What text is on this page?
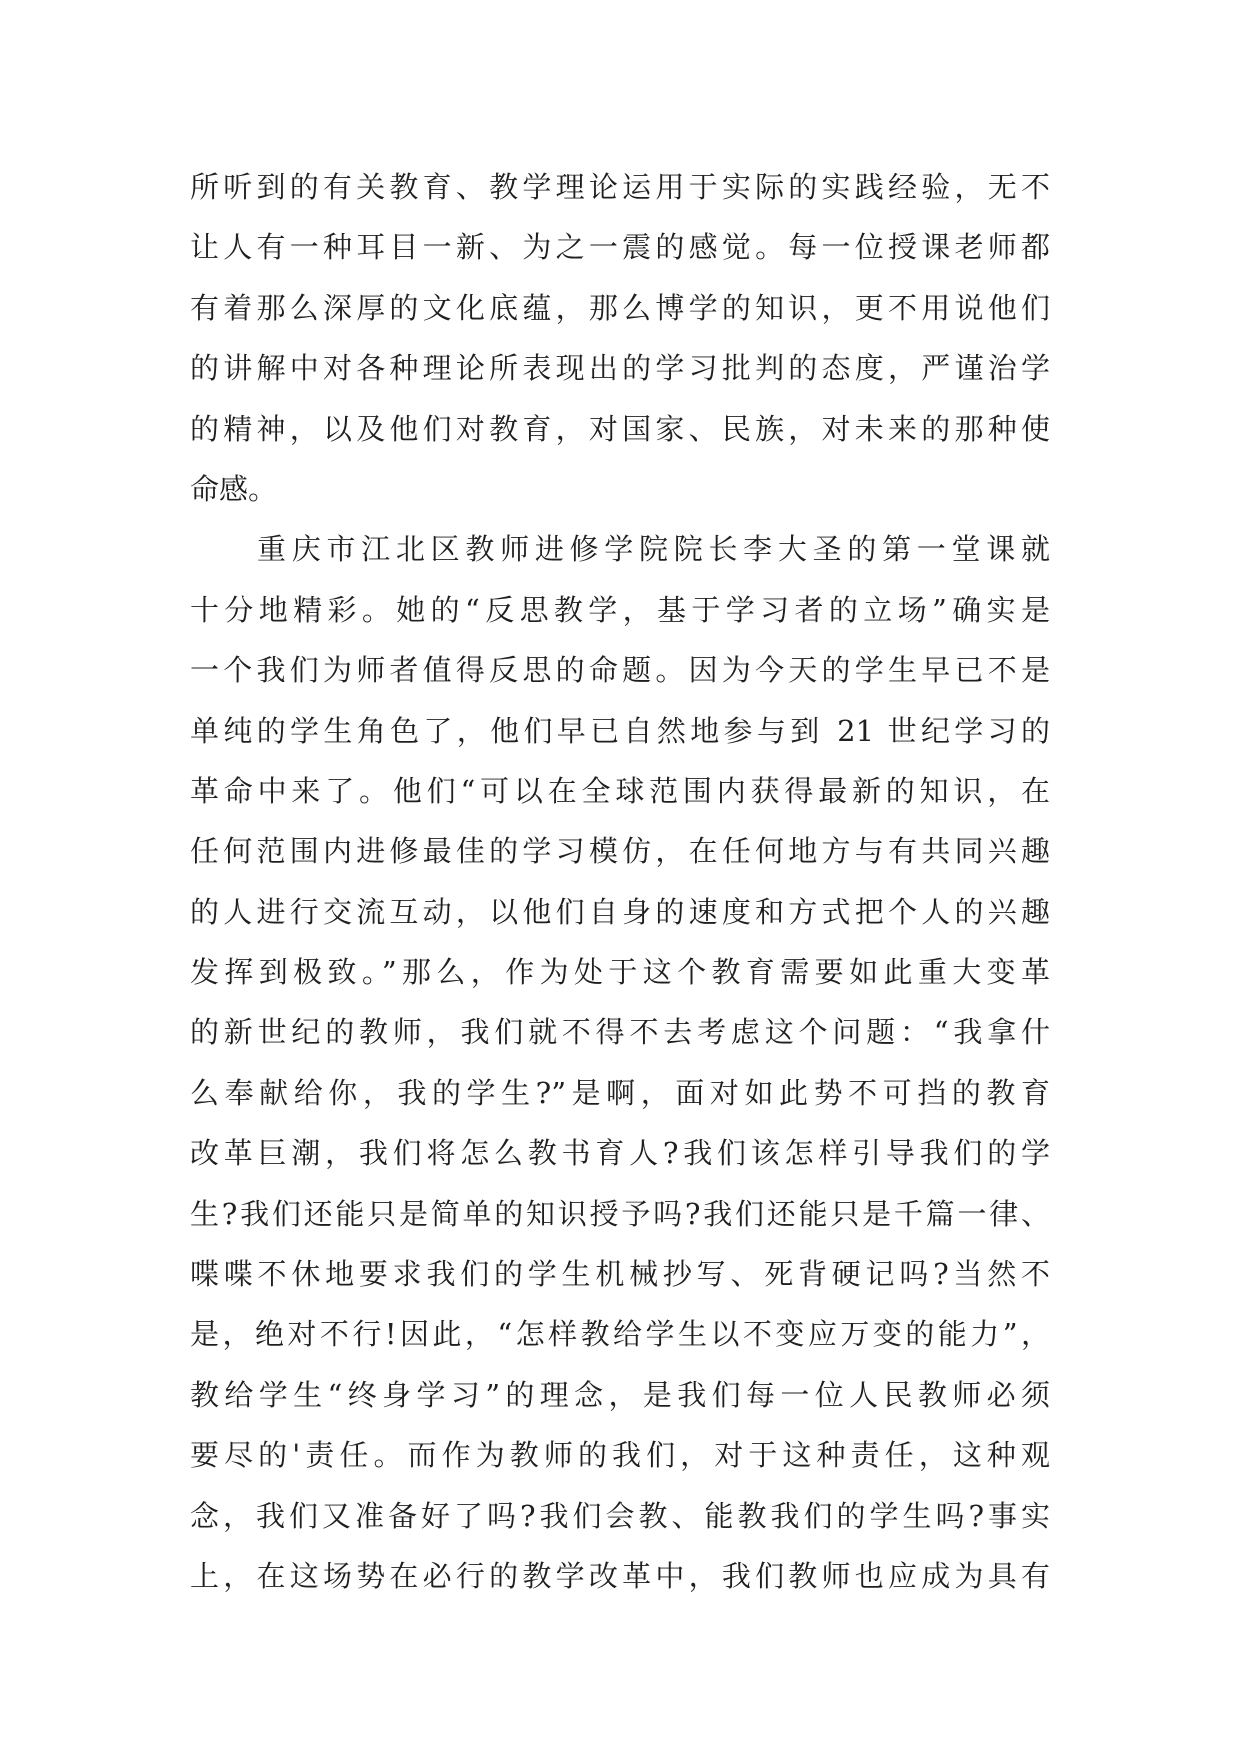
所听到的有关教育、教学理论运用于实际的实践经验，无不
让人有一种耳目一新、为之一震的感觉。每一位授课老师都
有着那么深厚的文化底蕴，那么博学的知识，更不用说他们
的讲解中对各种理论所表现出的学习批判的态度，严谨治学
的精神，以及他们对教育，对国家、民族，对未来的那种使
命感。
重庆市江北区教师进修学院院长李大圣的第一堂课就
十分地精彩。她的“反思教学，基于学习者的立场”确实是
一个我们为师者值得反思的命题。因为今天的学生早已不是
单纯的学生角色了，他们早已自然地参与到 21 世纪学习的
革命中来了。他们“可以在全球范围内获得最新的知识，在
任何范围内进修最佳的学习模仿，在任何地方与有共同兴趣
的人进行交流互动，以他们自身的速度和方式把个人的兴趣
发挥到极致。”那么，作为处于这个教育需要如此重大变革
的新世纪的教师，我们就不得不去考虑这个问题：“我拿什
么奉献给你，我的学生?”是啊，面对如此势不可挡的教育
改革巨潮，我们将怎么教书育人?我们该怎样引导我们的学
生?我们还能只是简单的知识授予吗?我们还能只是千篇一律、
喋喋不休地要求我们的学生机械抄写、死背硬记吗?当然不
是，绝对不行!因此，“怎样教给学生以不变应万变的能力”，
教给学生“终身学习”的理念，是我们每一位人民教师必须
要尽的'责任。而作为教师的我们，对于这种责任，这种观
念，我们又准备好了吗?我们会教、能教我们的学生吗?事实
上，在这场势在必行的教学改革中，我们教师也应成为具有
